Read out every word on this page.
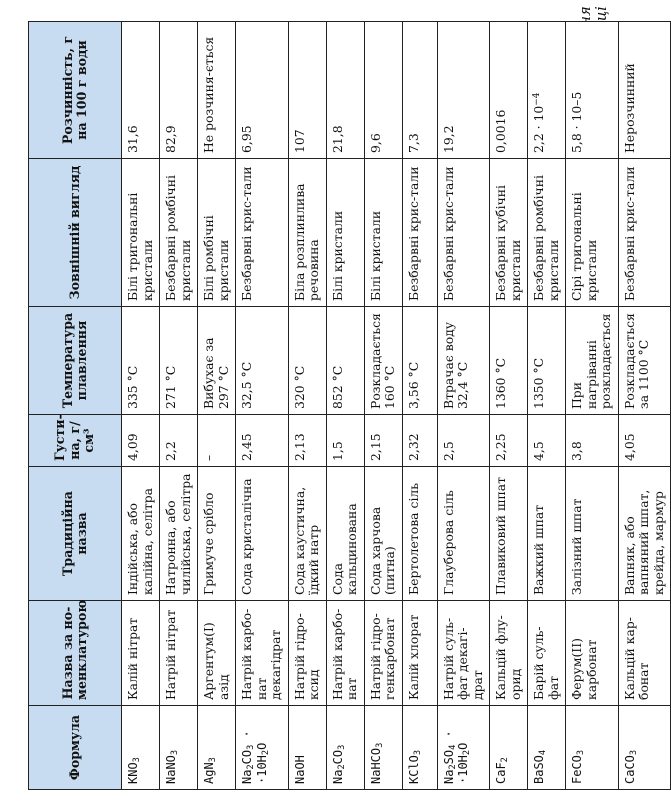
Формула	Назва за но-менклатурою	Традиційна назва	Густи-на, г/см³	Температура плавлення	Зовнішній вигляд	Розчинність, г на 100 г води
$KNO_3$	Калій нітрат	Індійська, або калійна, селітра	4,09	335 °C	Білі тригональні кристали	31,6
NaNO$_3$	Натрій нітрат	Натронна, або чилійська, селітра	2,2	271 °C	Безбарвні ромбічні кристали	82,9
AgN$_3$	Аргентум(I) азід	Гримуче срібло	–	Вибухає за 297 °C	Білі ромбічні кристали	Не розчиня-ється
$Na_2CO_3 \cdot \cdot 10H_2O$	Натрій карбо-нат декагідрат	Сода кристалічна	2,45	32,5 °C	Безбарвні крис-тали	6,95
NaOH	Натрій гідро-ксид	Сода каустична, їдкий натр	2,13	320 °C	Біла розплинлива речовина	107
$Na_2CO_3$	Натрій карбо-нат	Сода кальцинована	1,5	852 °C	Білі кристали	21,8
NaHCO$_3$	Натрій гідро-генкарбонат	Сода харчова (питна)	2,15	Розкладається 160 °C	Білі кристали	9,6
KClO$_3$	Калій хлорат	Бертолетова сіль	2,32	3,56 °C	Безбарвні крис-тали	7,3
$Na_2SO_4 \cdot \cdot 10H_2O$	Натрій суль-фат декагі-драт	Глауберова сіль	2,5	Втрачає воду 32,4 °C	Безбарвні крис-тали	19,2
CaF$_2$	Кальцій флу-орид	Плавиковий шпат	2,25	1360 °C	Безбарвні кубічні кристали	0,0016
BaSO$_4$	Барій суль-фат	Важкий шпат	4,5	1350 °C	Безбарвні ромбічні кристали	$2,2 \cdot 10^{-4}$
FeCO$_3$	Ферум(II) карбонат	Залізний шпат	3,8	При нагріванні розкладається	Сірі тригональні кристали	5,8 · 10–5
CaCO$_3$	Кальцій кар-бонат	Вапняк, або вапняний шпат, крейда, мармур	4,05	Розкладається за 1100 °C	Безбарвні крис-тали	Нерозчинний
